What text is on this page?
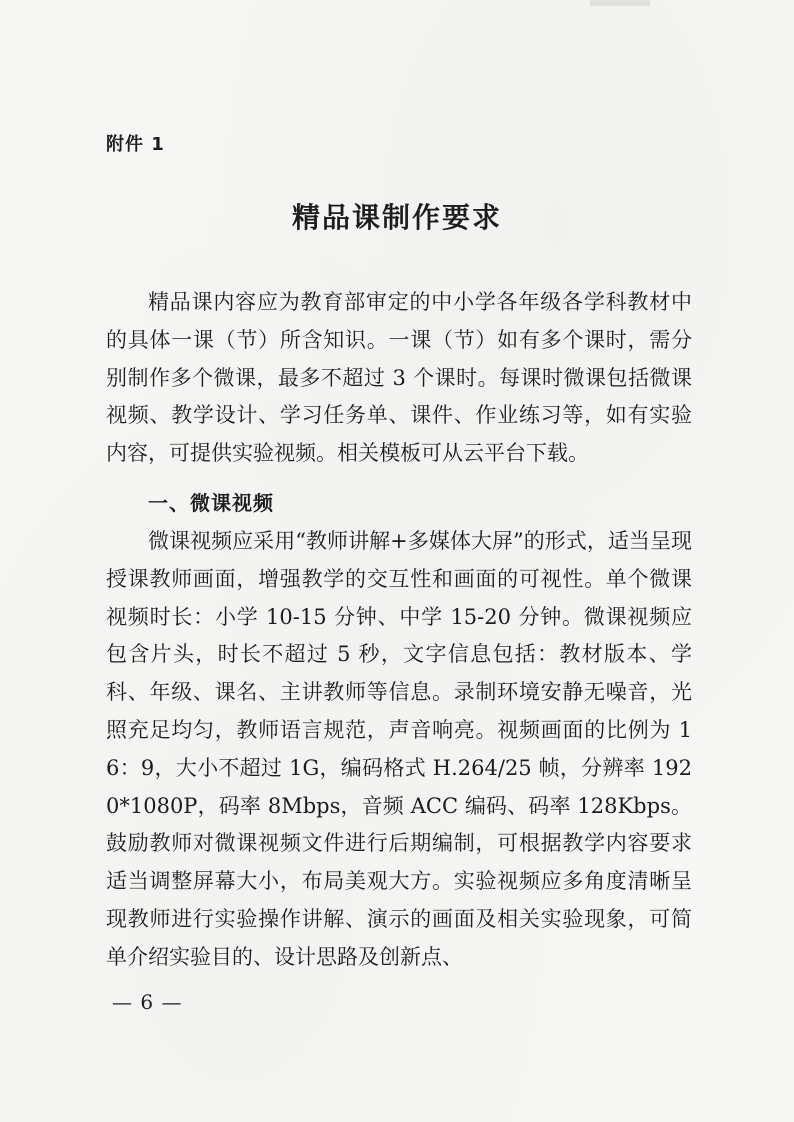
附件 1
精品课制作要求

精品课内容应为教育部审定的中小学各年级各学科教材中的具体一课（节）所含知识。一课（节）如有多个课时，需分别制作多个微课，最多不超过 3 个课时。每课时微课包括微课视频、教学设计、学习任务单、课件、作业练习等，如有实验内容，可提供实验视频。相关模板可从云平台下载。

一、微课视频

微课视频应采用“教师讲解+多媒体大屏”的形式，适当呈现授课教师画面，增强教学的交互性和画面的可视性。单个微课视频时长：小学 10-15 分钟、中学 15-20 分钟。微课视频应包含片头，时长不超过 5 秒，文字信息包括：教材版本、学科、年级、课名、主讲教师等信息。录制环境安静无噪音，光照充足均匀，教师语言规范，声音响亮。视频画面的比例为 16：9，大小不超过 1G，编码格式 H.264/25 帧，分辨率 1920*1080P，码率 8Mbps，音频 ACC 编码、码率 128Kbps。鼓励教师对微课视频文件进行后期编制，可根据教学内容要求适当调整屏幕大小，布局美观大方。实验视频应多角度清晰呈现教师进行实验操作讲解、演示的画面及相关实验现象，可简单介绍实验目的、设计思路及创新点、

— 6 —
